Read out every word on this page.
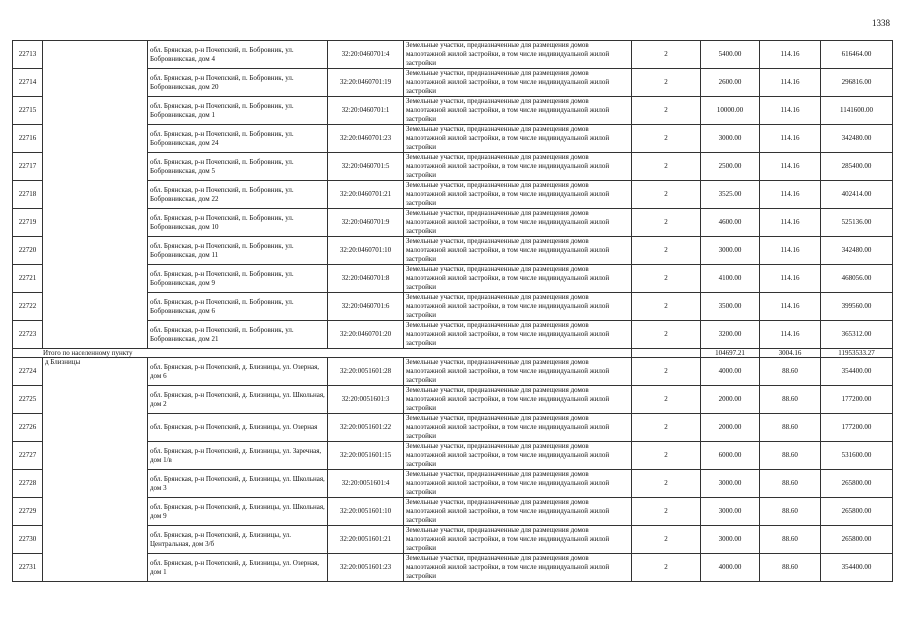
1338
22713		обл. Брянская, р-н Почепский, п. Бобровник, ул. Бобровникская, дом 4	32:20:0460701:4	Земельные участки, предназначенные для размещения домов малоэтажной жилой застройки, в том числе индивидуальной жилой застройки	2	5400.00	114.16	616464.00
22714		обл. Брянская, р-н Почепский, п. Бобровник, ул. Бобровникская, дом 20	32:20:0460701:19	Земельные участки, предназначенные для размещения домов малоэтажной жилой застройки, в том числе индивидуальной жилой застройки	2	2600.00	114.16	296816.00
22715		обл. Брянская, р-н Почепский, п. Бобровник, ул. Бобровникская, дом 1	32:20:0460701:1	Земельные участки, предназначенные для размещения домов малоэтажной жилой застройки, в том числе индивидуальной жилой застройки	2	10000.00	114.16	1141600.00
22716		обл. Брянская, р-н Почепский, п. Бобровник, ул. Бобровникская, дом 24	32:20:0460701:23	Земельные участки, предназначенные для размещения домов малоэтажной жилой застройки, в том числе индивидуальной жилой застройки	2	3000.00	114.16	342480.00
22717		обл. Брянская, р-н Почепский, п. Бобровник, ул. Бобровникская, дом 5	32:20:0460701:5	Земельные участки, предназначенные для размещения домов малоэтажной жилой застройки, в том числе индивидуальной жилой застройки	2	2500.00	114.16	285400.00
22718		обл. Брянская, р-н Почепский, п. Бобровник, ул. Бобровникская, дом 22	32:20:0460701:21	Земельные участки, предназначенные для размещения домов малоэтажной жилой застройки, в том числе индивидуальной жилой застройки	2	3525.00	114.16	402414.00
22719		обл. Брянская, р-н Почепский, п. Бобровник, ул. Бобровникская, дом 10	32:20:0460701:9	Земельные участки, предназначенные для размещения домов малоэтажной жилой застройки, в том числе индивидуальной жилой застройки	2	4600.00	114.16	525136.00
22720		обл. Брянская, р-н Почепский, п. Бобровник, ул. Бобровникская, дом 11	32:20:0460701:10	Земельные участки, предназначенные для размещения домов малоэтажной жилой застройки, в том числе индивидуальной жилой застройки	2	3000.00	114.16	342480.00
22721		обл. Брянская, р-н Почепский, п. Бобровник, ул. Бобровникская, дом 9	32:20:0460701:8	Земельные участки, предназначенные для размещения домов малоэтажной жилой застройки, в том числе индивидуальной жилой застройки	2	4100.00	114.16	468056.00
22722		обл. Брянская, р-н Почепский, п. Бобровник, ул. Бобровникская, дом 6	32:20:0460701:6	Земельные участки, предназначенные для размещения домов малоэтажной жилой застройки, в том числе индивидуальной жилой застройки	2	3500.00	114.16	399560.00
22723		обл. Брянская, р-н Почепский, п. Бобровник, ул. Бобровникская, дом 21	32:20:0460701:20	Земельные участки, предназначенные для размещения домов малоэтажной жилой застройки, в том числе индивидуальной жилой застройки	2	3200.00	114.16	365312.00
Итого по населенному пункту						104697.21	3004.16	11953533.27
22724	д Близницы	обл. Брянская, р-н Почепский, д. Близницы, ул. Озерная, дом 6	32:20:0051601:28	Земельные участки, предназначенные для размещения домов малоэтажной жилой застройки, в том числе индивидуальной жилой застройки	2	4000.00	88.60	354400.00
22725		обл. Брянская, р-н Почепский, д. Близницы, ул. Школьная, дом 2	32:20:0051601:3	Земельные участки, предназначенные для размещения домов малоэтажной жилой застройки, в том числе индивидуальной жилой застройки	2	2000.00	88.60	177200.00
22726		обл. Брянская, р-н Почепский, д. Близницы, ул. Озерная	32:20:0051601:22	Земельные участки, предназначенные для размещения домов малоэтажной жилой застройки, в том числе индивидуальной жилой застройки	2	2000.00	88.60	177200.00
22727		обл. Брянская, р-н Почепский, д. Близницы, ул. Заречная, дом 1/в	32:20:0051601:15	Земельные участки, предназначенные для размещения домов малоэтажной жилой застройки, в том числе индивидуальной жилой застройки	2	6000.00	88.60	531600.00
22728		обл. Брянская, р-н Почепский, д. Близницы, ул. Школьная, дом 3	32:20:0051601:4	Земельные участки, предназначенные для размещения домов малоэтажной жилой застройки, в том числе индивидуальной жилой застройки	2	3000.00	88.60	265800.00
22729		обл. Брянская, р-н Почепский, д. Близницы, ул. Школьная, дом 9	32:20:0051601:10	Земельные участки, предназначенные для размещения домов малоэтажной жилой застройки, в том числе индивидуальной жилой застройки	2	3000.00	88.60	265800.00
22730		обл. Брянская, р-н Почепский, д. Близницы, ул. Центральная, дом 3/б	32:20:0051601:21	Земельные участки, предназначенные для размещения домов малоэтажной жилой застройки, в том числе индивидуальной жилой застройки	2	3000.00	88.60	265800.00
22731		обл. Брянская, р-н Почепский, д. Близницы, ул. Озерная, дом 1	32:20:0051601:23	Земельные участки, предназначенные для размещения домов малоэтажной жилой застройки, в том числе индивидуальной жилой застройки	2	4000.00	88.60	354400.00
